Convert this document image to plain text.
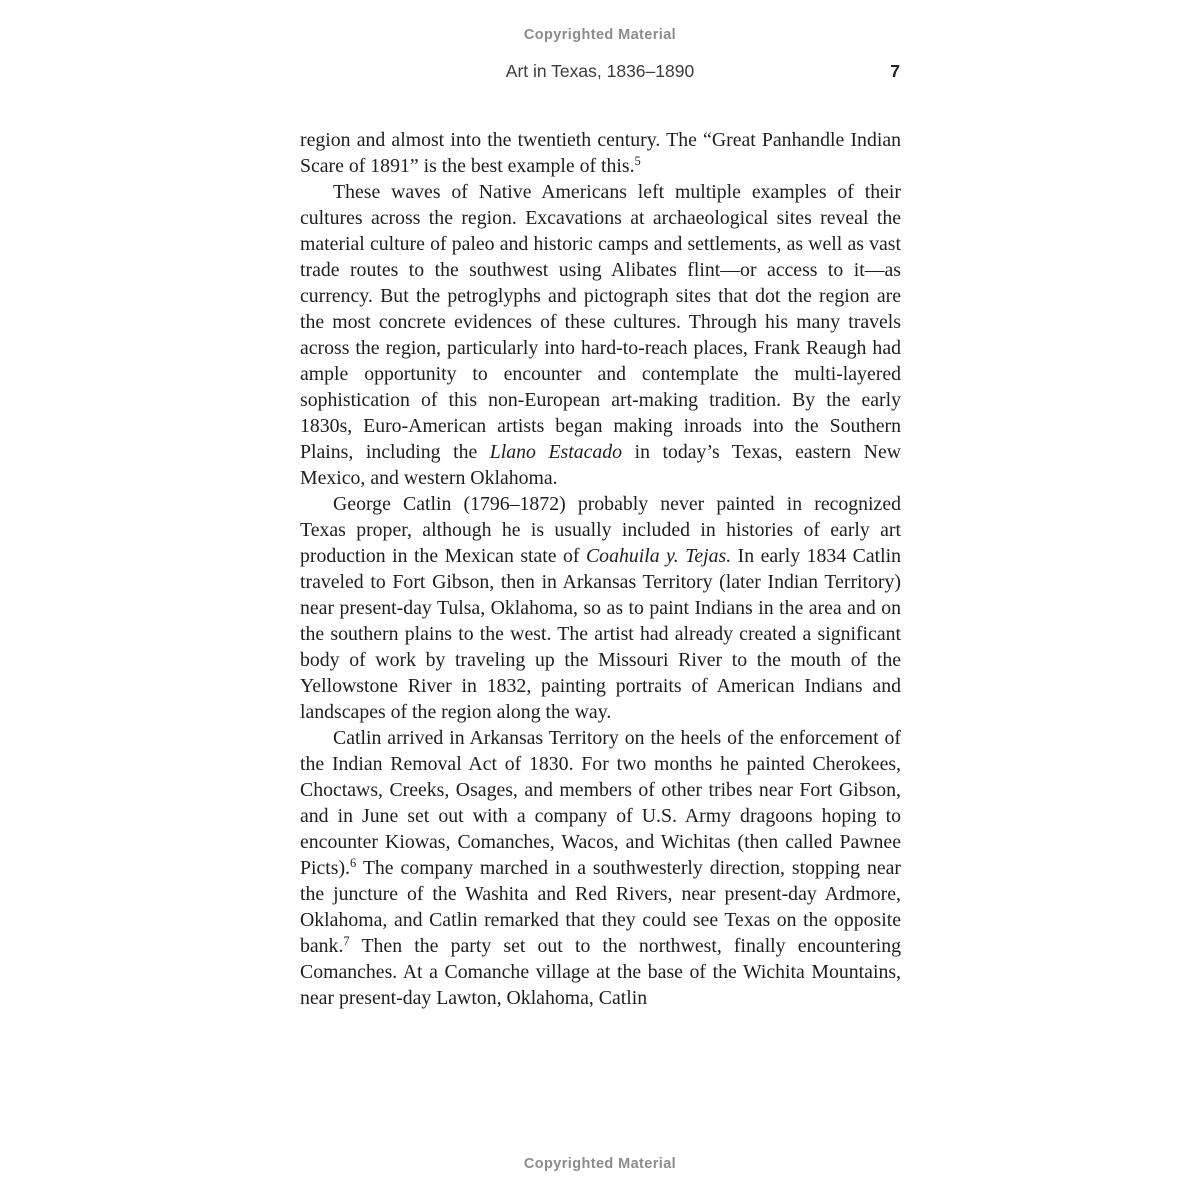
Copyrighted Material
Art in Texas, 1836–1890	7

region and almost into the twentieth century. The “Great Panhandle Indian Scare of 1891” is the best example of this.$^5$

These waves of Native Americans left multiple examples of their cultures across the region. Excavations at archaeological sites reveal the material culture of paleo and historic camps and settlements, as well as vast trade routes to the southwest using Alibates flint—or access to it—as currency. But the petroglyphs and pictograph sites that dot the region are the most concrete evidences of these cultures. Through his many travels across the region, particularly into hard-to-reach places, Frank Reaugh had ample opportunity to encounter and contemplate the multi-layered sophistication of this non-European art-making tradition. By the early 1830s, Euro-American artists began making inroads into the Southern Plains, including the Llano Estacado in today’s Texas, eastern New Mexico, and western Oklahoma.

George Catlin (1796–1872) probably never painted in recognized Texas proper, although he is usually included in histories of early art production in the Mexican state of Coahuila y. Tejas. In early 1834 Catlin traveled to Fort Gibson, then in Arkansas Territory (later Indian Territory) near present-day Tulsa, Oklahoma, so as to paint Indians in the area and on the southern plains to the west. The artist had already created a significant body of work by traveling up the Missouri River to the mouth of the Yellowstone River in 1832, painting portraits of American Indians and landscapes of the region along the way.

Catlin arrived in Arkansas Territory on the heels of the enforcement of the Indian Removal Act of 1830. For two months he painted Cherokees, Choctaws, Creeks, Osages, and members of other tribes near Fort Gibson, and in June set out with a company of U.S. Army dragoons hoping to encounter Kiowas, Comanches, Wacos, and Wichitas (then called Pawnee Picts).$^6$ The company marched in a southwesterly direction, stopping near the juncture of the Washita and Red Rivers, near present-day Ardmore, Oklahoma, and Catlin remarked that they could see Texas on the opposite bank.$^7$ Then the party set out to the northwest, finally encountering Comanches. At a Comanche village at the base of the Wichita Mountains, near present-day Lawton, Oklahoma, Catlin

Copyrighted Material
